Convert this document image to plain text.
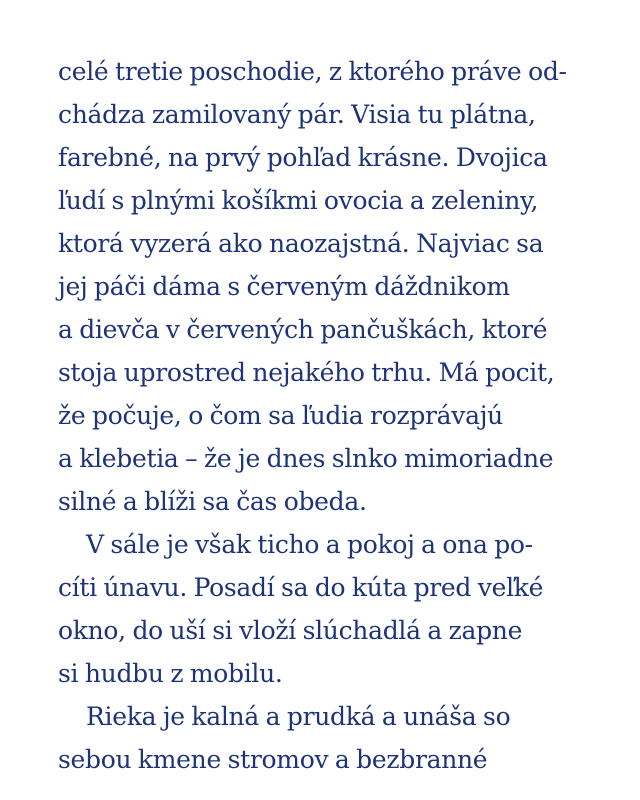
celé tretie poschodie, z ktorého práve od-
chádza zamilovaný pár. Visia tu plátna,
farebné, na prvý pohľad krásne. Dvojica
ľudí s plnými košíkmi ovocia a zeleniny,
ktorá vyzerá ako naozajstná. Najviac sa
jej páči dáma s červeným dáždnikom
a dievča v červených pančuškách, ktoré
stoja uprostred nejakého trhu. Má pocit,
že počuje, o čom sa ľudia rozprávajú
a klebetia – že je dnes slnko mimoriadne
silné a blíži sa čas obeda.
V sále je však ticho a pokoj a ona po-
cíti únavu. Posadí sa do kúta pred veľké
okno, do uší si vloží slúchadlá a zapne
si hudbu z mobilu.
Rieka je kalná a prudká a unáša so
sebou kmene stromov a bezbranné
